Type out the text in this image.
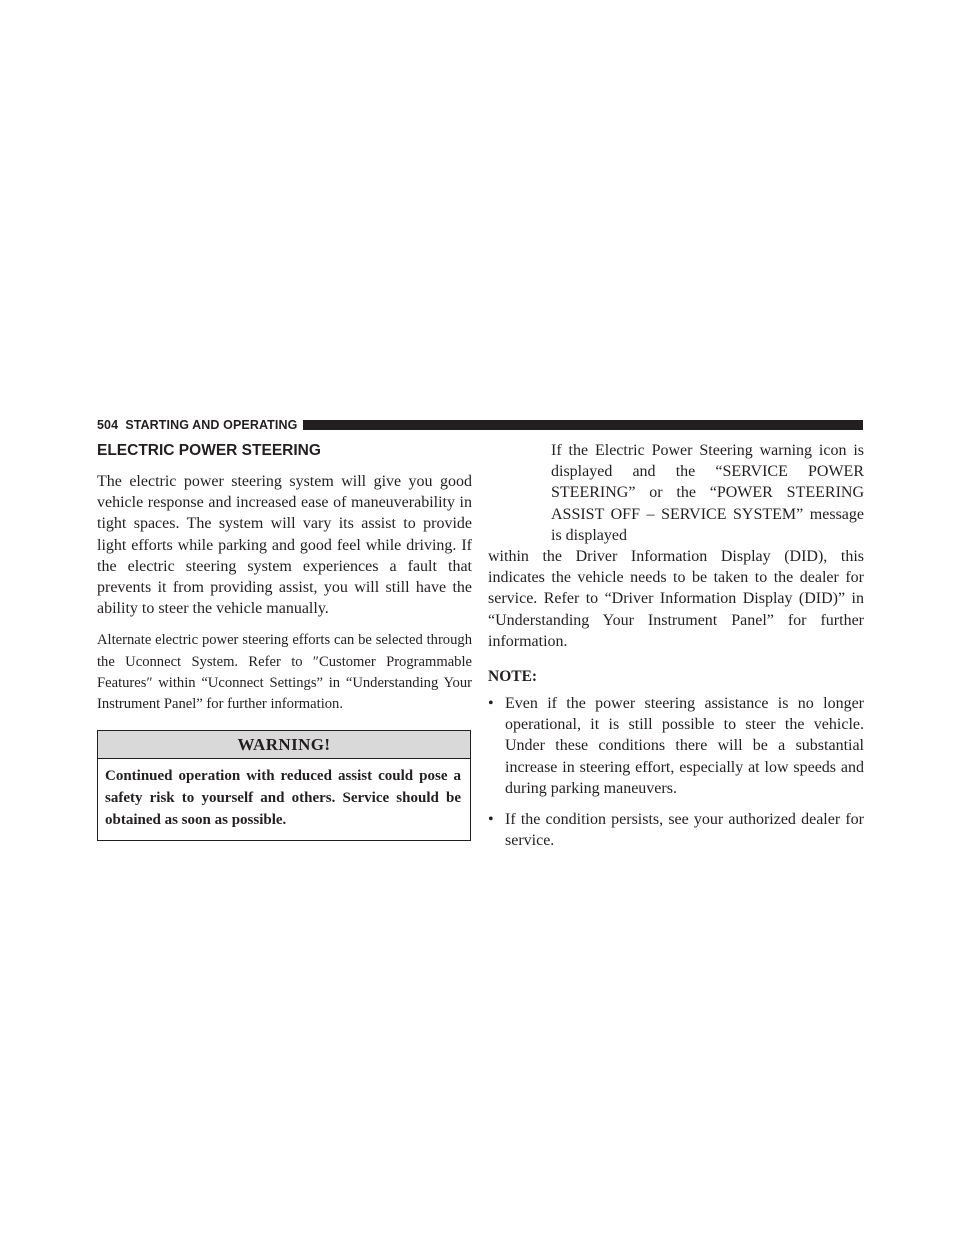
504 STARTING AND OPERATING
ELECTRIC POWER STEERING

The electric power steering system will give you good vehicle response and increased ease of maneuverability in tight spaces. The system will vary its assist to provide light efforts while parking and good feel while driving. If the electric steering system experiences a fault that prevents it from providing assist, you will still have the ability to steer the vehicle manually.

Alternate electric power steering efforts can be selected through the Uconnect System. Refer to ″Customer Programmable Features″ within “Uconnect Settings” in “Understanding Your Instrument Panel” for further information.

WARNING!
Continued operation with reduced assist could pose a safety risk to yourself and others. Service should be obtained as soon as possible.

If the Electric Power Steering warning icon is displayed and the “SERVICE POWER STEERING” or the “POWER STEERING ASSIST OFF – SERVICE SYSTEM” message is displayed

within the Driver Information Display (DID), this indicates the vehicle needs to be taken to the dealer for service. Refer to “Driver Information Display (DID)” in “Understanding Your Instrument Panel” for further information.

NOTE:
• Even if the power steering assistance is no longer operational, it is still possible to steer the vehicle. Under these conditions there will be a substantial increase in steering effort, especially at low speeds and during parking maneuvers.
• If the condition persists, see your authorized dealer for service.
